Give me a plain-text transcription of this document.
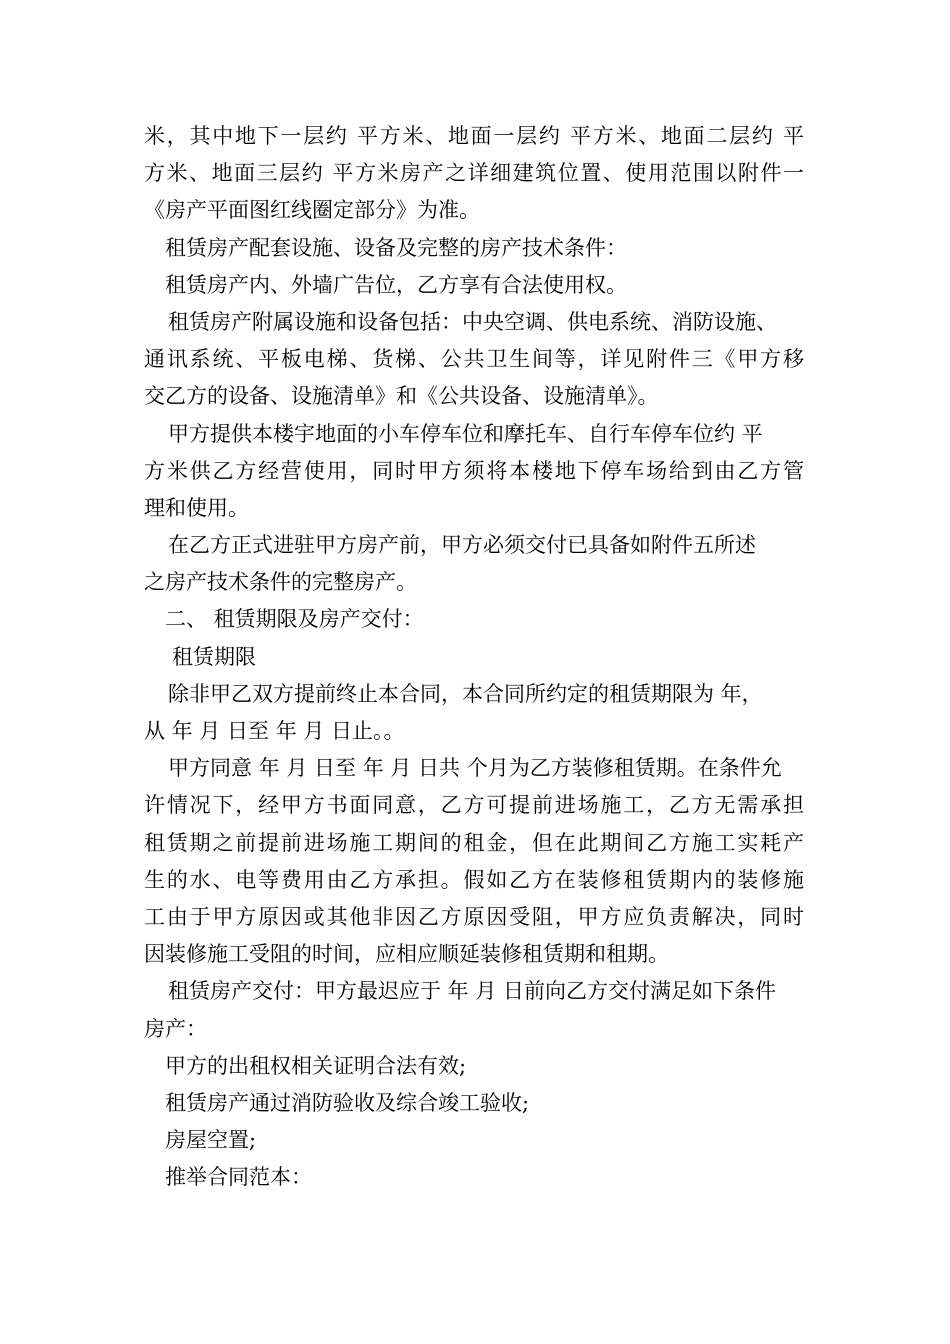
米，其中地下一层约 平方米、地面一层约 平方米、地面二层约 平
方米、地面三层约 平方米房产之详细建筑位置、使用范围以附件一
《房产平面图红线圈定部分》为准。
租赁房产配套设施、设备及完整的房产技术条件：
租赁房产内、外墙广告位，乙方享有合法使用权。
租赁房产附属设施和设备包括：中央空调、供电系统、消防设施、
通讯系统、平板电梯、货梯、公共卫生间等，详见附件三《甲方移
交乙方的设备、设施清单》和《公共设备、设施清单》。
甲方提供本楼宇地面的小车停车位和摩托车、自行车停车位约 平
方米供乙方经营使用，同时甲方须将本楼地下停车场给到由乙方管
理和使用。
在乙方正式进驻甲方房产前，甲方必须交付已具备如附件五所述
之房产技术条件的完整房产。
二、 租赁期限及房产交付：
租赁期限
除非甲乙双方提前终止本合同，本合同所约定的租赁期限为 年，
从 年 月 日至 年 月 日止。。
甲方同意 年 月 日至 年 月 日共 个月为乙方装修租赁期。在条件允
许情况下，经甲方书面同意，乙方可提前进场施工，乙方无需承担
租赁期之前提前进场施工期间的租金，但在此期间乙方施工实耗产
生的水、电等费用由乙方承担。假如乙方在装修租赁期内的装修施
工由于甲方原因或其他非因乙方原因受阻，甲方应负责解决，同时
因装修施工受阻的时间，应相应顺延装修租赁期和租期。
租赁房产交付：甲方最迟应于 年 月 日前向乙方交付满足如下条件
房产：
甲方的出租权相关证明合法有效;
租赁房产通过消防验收及综合竣工验收;
房屋空置;
推举合同范本：
